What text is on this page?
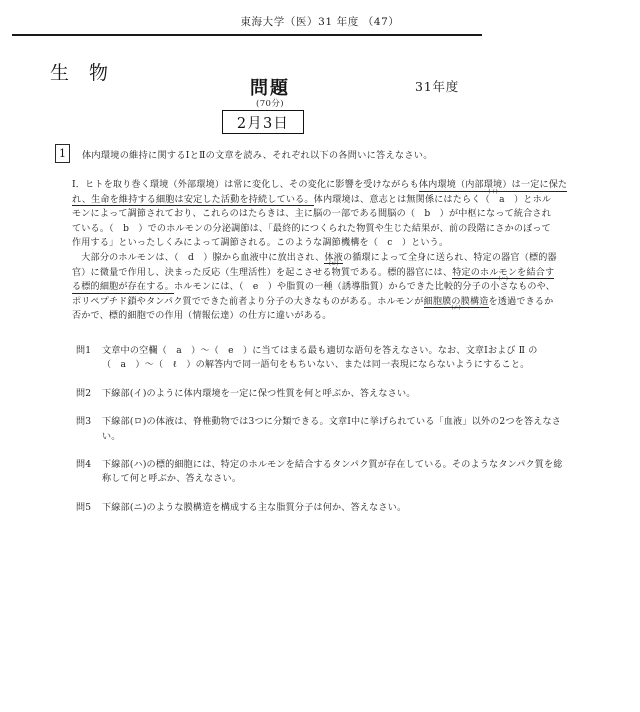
東海大学（医）31 年度 （47）
生 物
問題
(70分)
31年度
2月3日
1	体内環境の維持に関するⅠとⅡの文章を読み、それぞれ以下の各問いに答えなさい。

Ⅰ．ヒトを取り巻く環境（外部環境）は常に変化し、その変化に影響を受けながらも体内環境（内部環境）は一定に保た
(イ)

れ、生命を維持する細胞は安定した活動を持続している。体内環境は、意志とは無関係にはたらく（　a　）とホル

モンによって調節されており、これらのはたらきは、主に脳の一部である間脳の（　b　）が中枢になって統合され

ている。（　b　）でのホルモンの分泌調節は、「最終的につくられた物質や生じた結果が、前の段階にさかのぼって

作用する」といったしくみによって調節される。このような調節機構を（　c　）という。

　大部分のホルモンは、（　d　）腺から血液中に放出され、体液
(ロ)
の循環によって全身に送られ、特定の器官（標的器

官）に微量で作用し、決まった反応（生理活性）を起こさせる物質である。標的器官には、特定のホルモンを結合す
(ハ)

る標的細胞が存在する。ホルモンには、（　e　）や脂質の一種（誘導脂質）からできた比較的分子の小さなものや、

ポリペプチド鎖やタンパク質でできた前者より分子の大きなものがある。ホルモンが細胞膜の膜構造
(ニ)
を透過できるか

否かで、標的細胞での作用（情報伝達）の仕方に違いがある。

問1 文章中の空欄（　a　）～（　e　）に当てはまる最も適切な語句を答えなさい。なお、文章Ⅰおよび Ⅱ の
（　a　）～（　ℓ　）の解答内で同一語句をもちいない、または同一表現にならないようにすること。
問2 下線部(イ)のように体内環境を一定に保つ性質を何と呼ぶか、答えなさい。
問3 下線部(ロ)の体液は、脊椎動物では3つに分類できる。文章Ⅰ中に挙げられている「血液」以外の2つを答えなさ
い。
問4 下線部(ハ)の標的細胞には、特定のホルモンを結合するタンパク質が存在している。そのようなタンパク質を総
称して何と呼ぶか、答えなさい。
問5 下線部(ニ)のような膜構造を構成する主な脂質分子は何か、答えなさい。
